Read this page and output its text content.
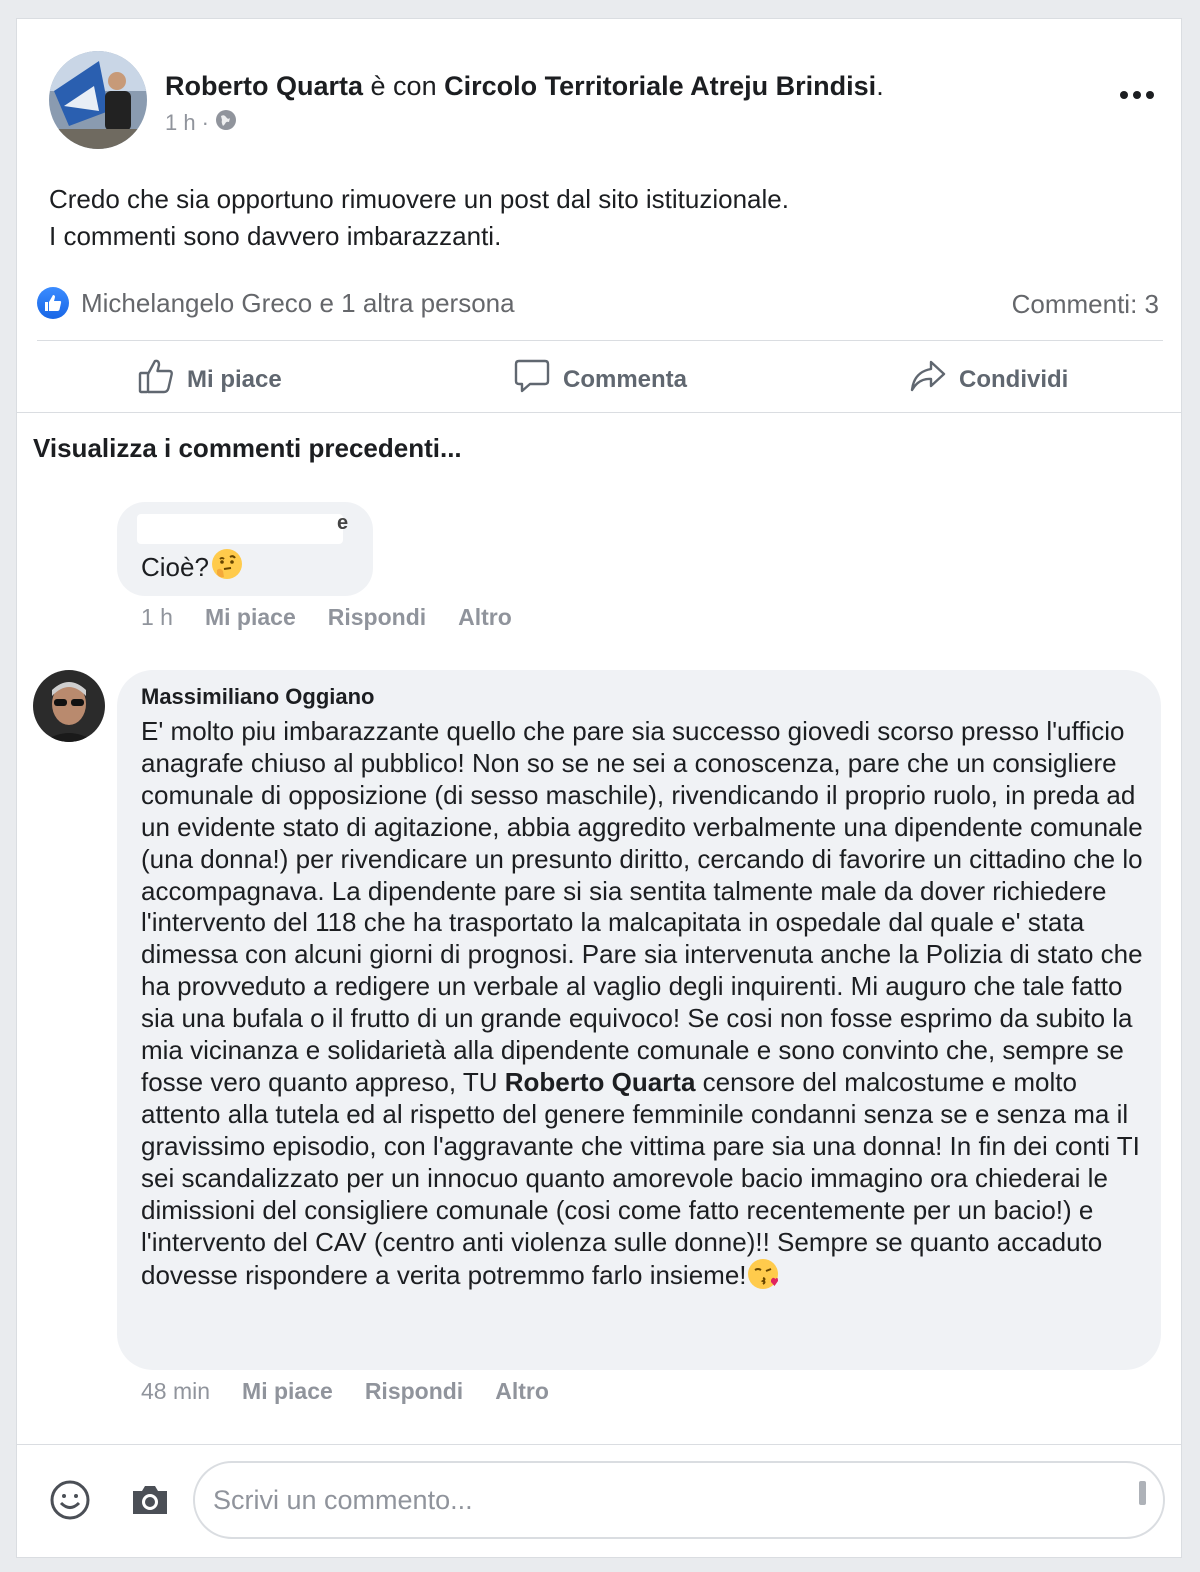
Roberto Quarta è con Circolo Territoriale Atreju Brindisi.
1 h ·
Credo che sia opportuno rimuovere un post dal sito istituzionale.
I commenti sono davvero imbarazzanti.
Michelangelo Greco e 1 altra persona	Commenti: 3
Mi piace	Commenta	Condividi
Visualizza i commenti precedenti...
e
Cioè?
1 h Mi piace Rispondi Altro
Massimiliano Oggiano
E' molto piu imbarazzante quello che pare sia successo giovedi scorso presso l'ufficio anagrafe chiuso al pubblico! Non so se ne sei a conoscenza, pare che un consigliere comunale di opposizione (di sesso maschile), rivendicando il proprio ruolo, in preda ad un evidente stato di agitazione, abbia aggredito verbalmente una dipendente comunale (una donna!) per rivendicare un presunto diritto, cercando di favorire un cittadino che lo accompagnava. La dipendente pare si sia sentita talmente male da dover richiedere l'intervento del 118 che ha trasportato la malcapitata in ospedale dal quale e' stata dimessa con alcuni giorni di prognosi. Pare sia intervenuta anche la Polizia di stato che ha provveduto a redigere un verbale al vaglio degli inquirenti. Mi auguro che tale fatto sia una bufala o il frutto di un grande equivoco! Se cosi non fosse esprimo da subito la mia vicinanza e solidarietà alla dipendente comunale e sono convinto che, sempre se fosse vero quanto appreso, TU Roberto Quarta censore del malcostume e molto attento alla tutela ed al rispetto del genere femminile condanni senza se e senza ma il gravissimo episodio, con l'aggravante che vittima pare sia una donna! In fin dei conti TI sei scandalizzato per un innocuo quanto amorevole bacio immagino ora chiederai le dimissioni del consigliere comunale (cosi come fatto recentemente per un bacio!) e l'intervento del CAV (centro anti violenza sulle donne)!! Sempre se quanto accaduto dovesse rispondere a verita potremmo farlo insieme!
48 min Mi piace Rispondi Altro
Scrivi un commento...
